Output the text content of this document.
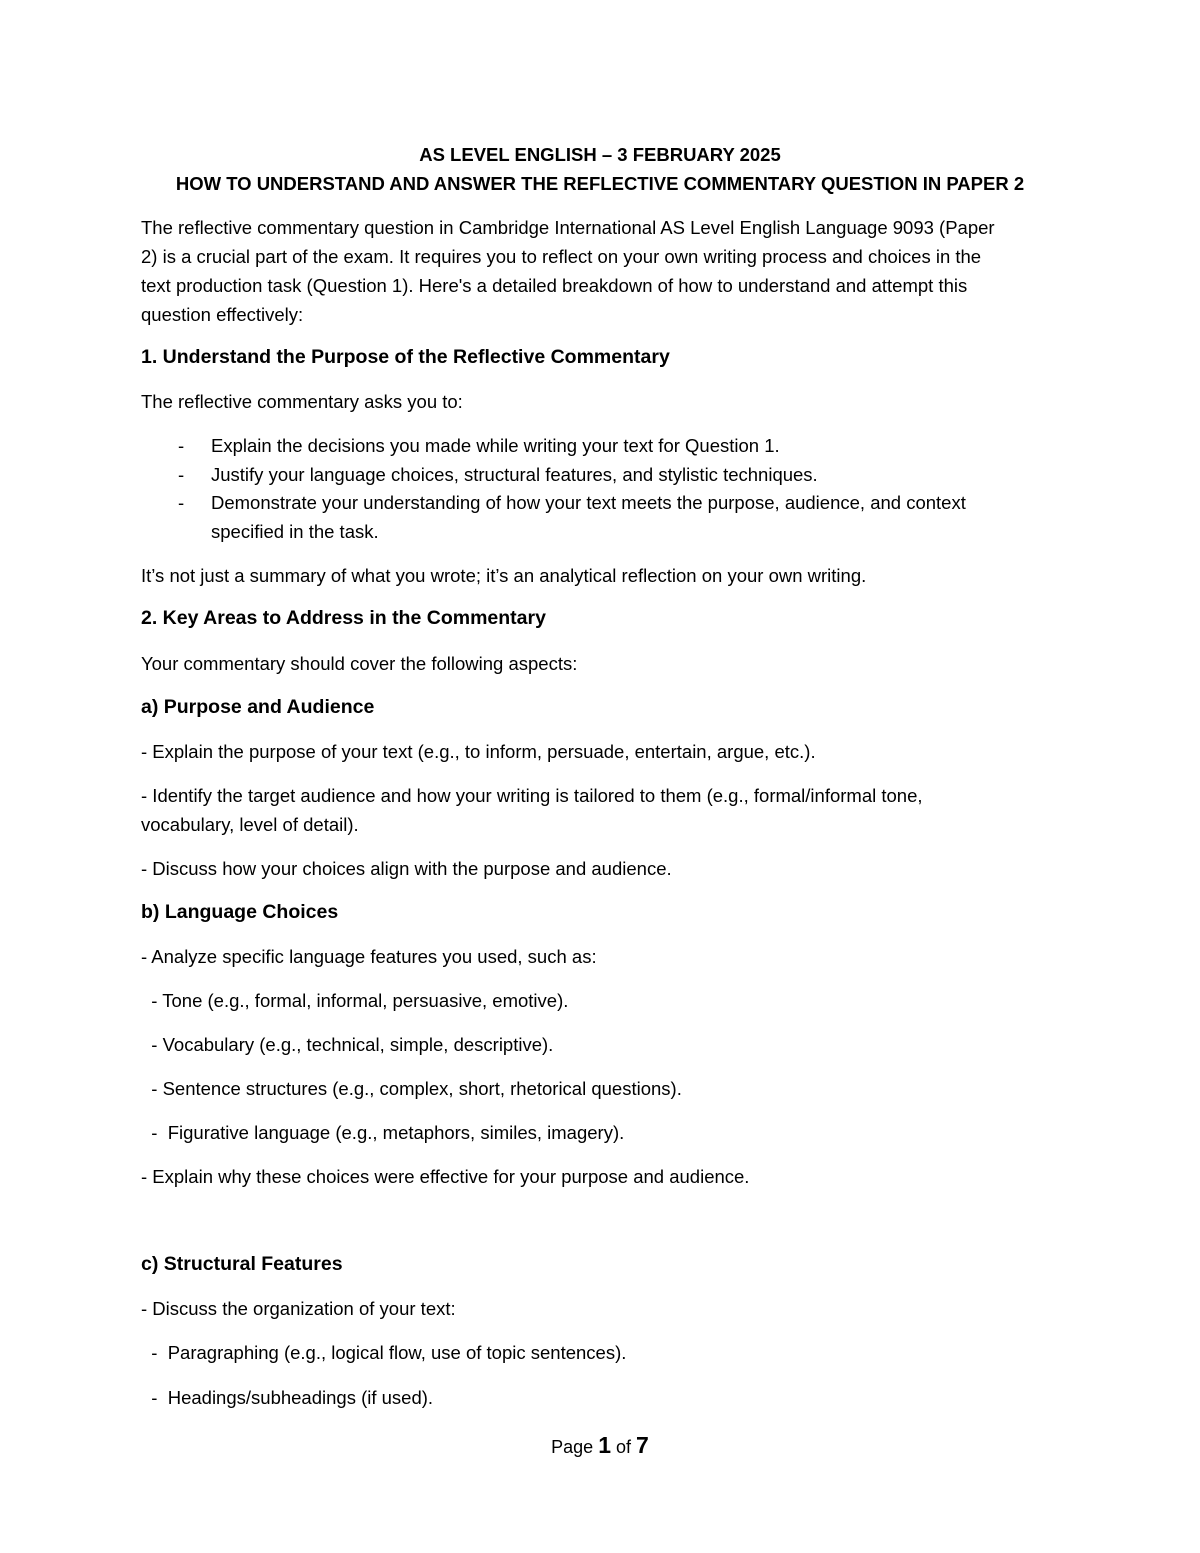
AS LEVEL ENGLISH – 3 FEBRUARY 2025
HOW TO UNDERSTAND AND ANSWER THE REFLECTIVE COMMENTARY QUESTION IN PAPER 2
The reflective commentary question in Cambridge International AS Level English Language 9093 (Paper
2) is a crucial part of the exam. It requires you to reflect on your own writing process and choices in the
text production task (Question 1). Here's a detailed breakdown of how to understand and attempt this
question effectively:
1. Understand the Purpose of the Reflective Commentary
The reflective commentary asks you to:
- Explain the decisions you made while writing your text for Question 1.
- Justify your language choices, structural features, and stylistic techniques.
- Demonstrate your understanding of how your text meets the purpose, audience, and context
specified in the task.
It’s not just a summary of what you wrote; it’s an analytical reflection on your own writing.
2. Key Areas to Address in the Commentary
Your commentary should cover the following aspects:
a) Purpose and Audience
- Explain the purpose of your text (e.g., to inform, persuade, entertain, argue, etc.).
- Identify the target audience and how your writing is tailored to them (e.g., formal/informal tone,
vocabulary, level of detail).
- Discuss how your choices align with the purpose and audience.
b) Language Choices
- Analyze specific language features you used, such as:
- Tone (e.g., formal, informal, persuasive, emotive).
- Vocabulary (e.g., technical, simple, descriptive).
- Sentence structures (e.g., complex, short, rhetorical questions).
-  Figurative language (e.g., metaphors, similes, imagery).
- Explain why these choices were effective for your purpose and audience.
c) Structural Features
- Discuss the organization of your text:
-  Paragraphing (e.g., logical flow, use of topic sentences).
-  Headings/subheadings (if used).
Page 1 of 7
